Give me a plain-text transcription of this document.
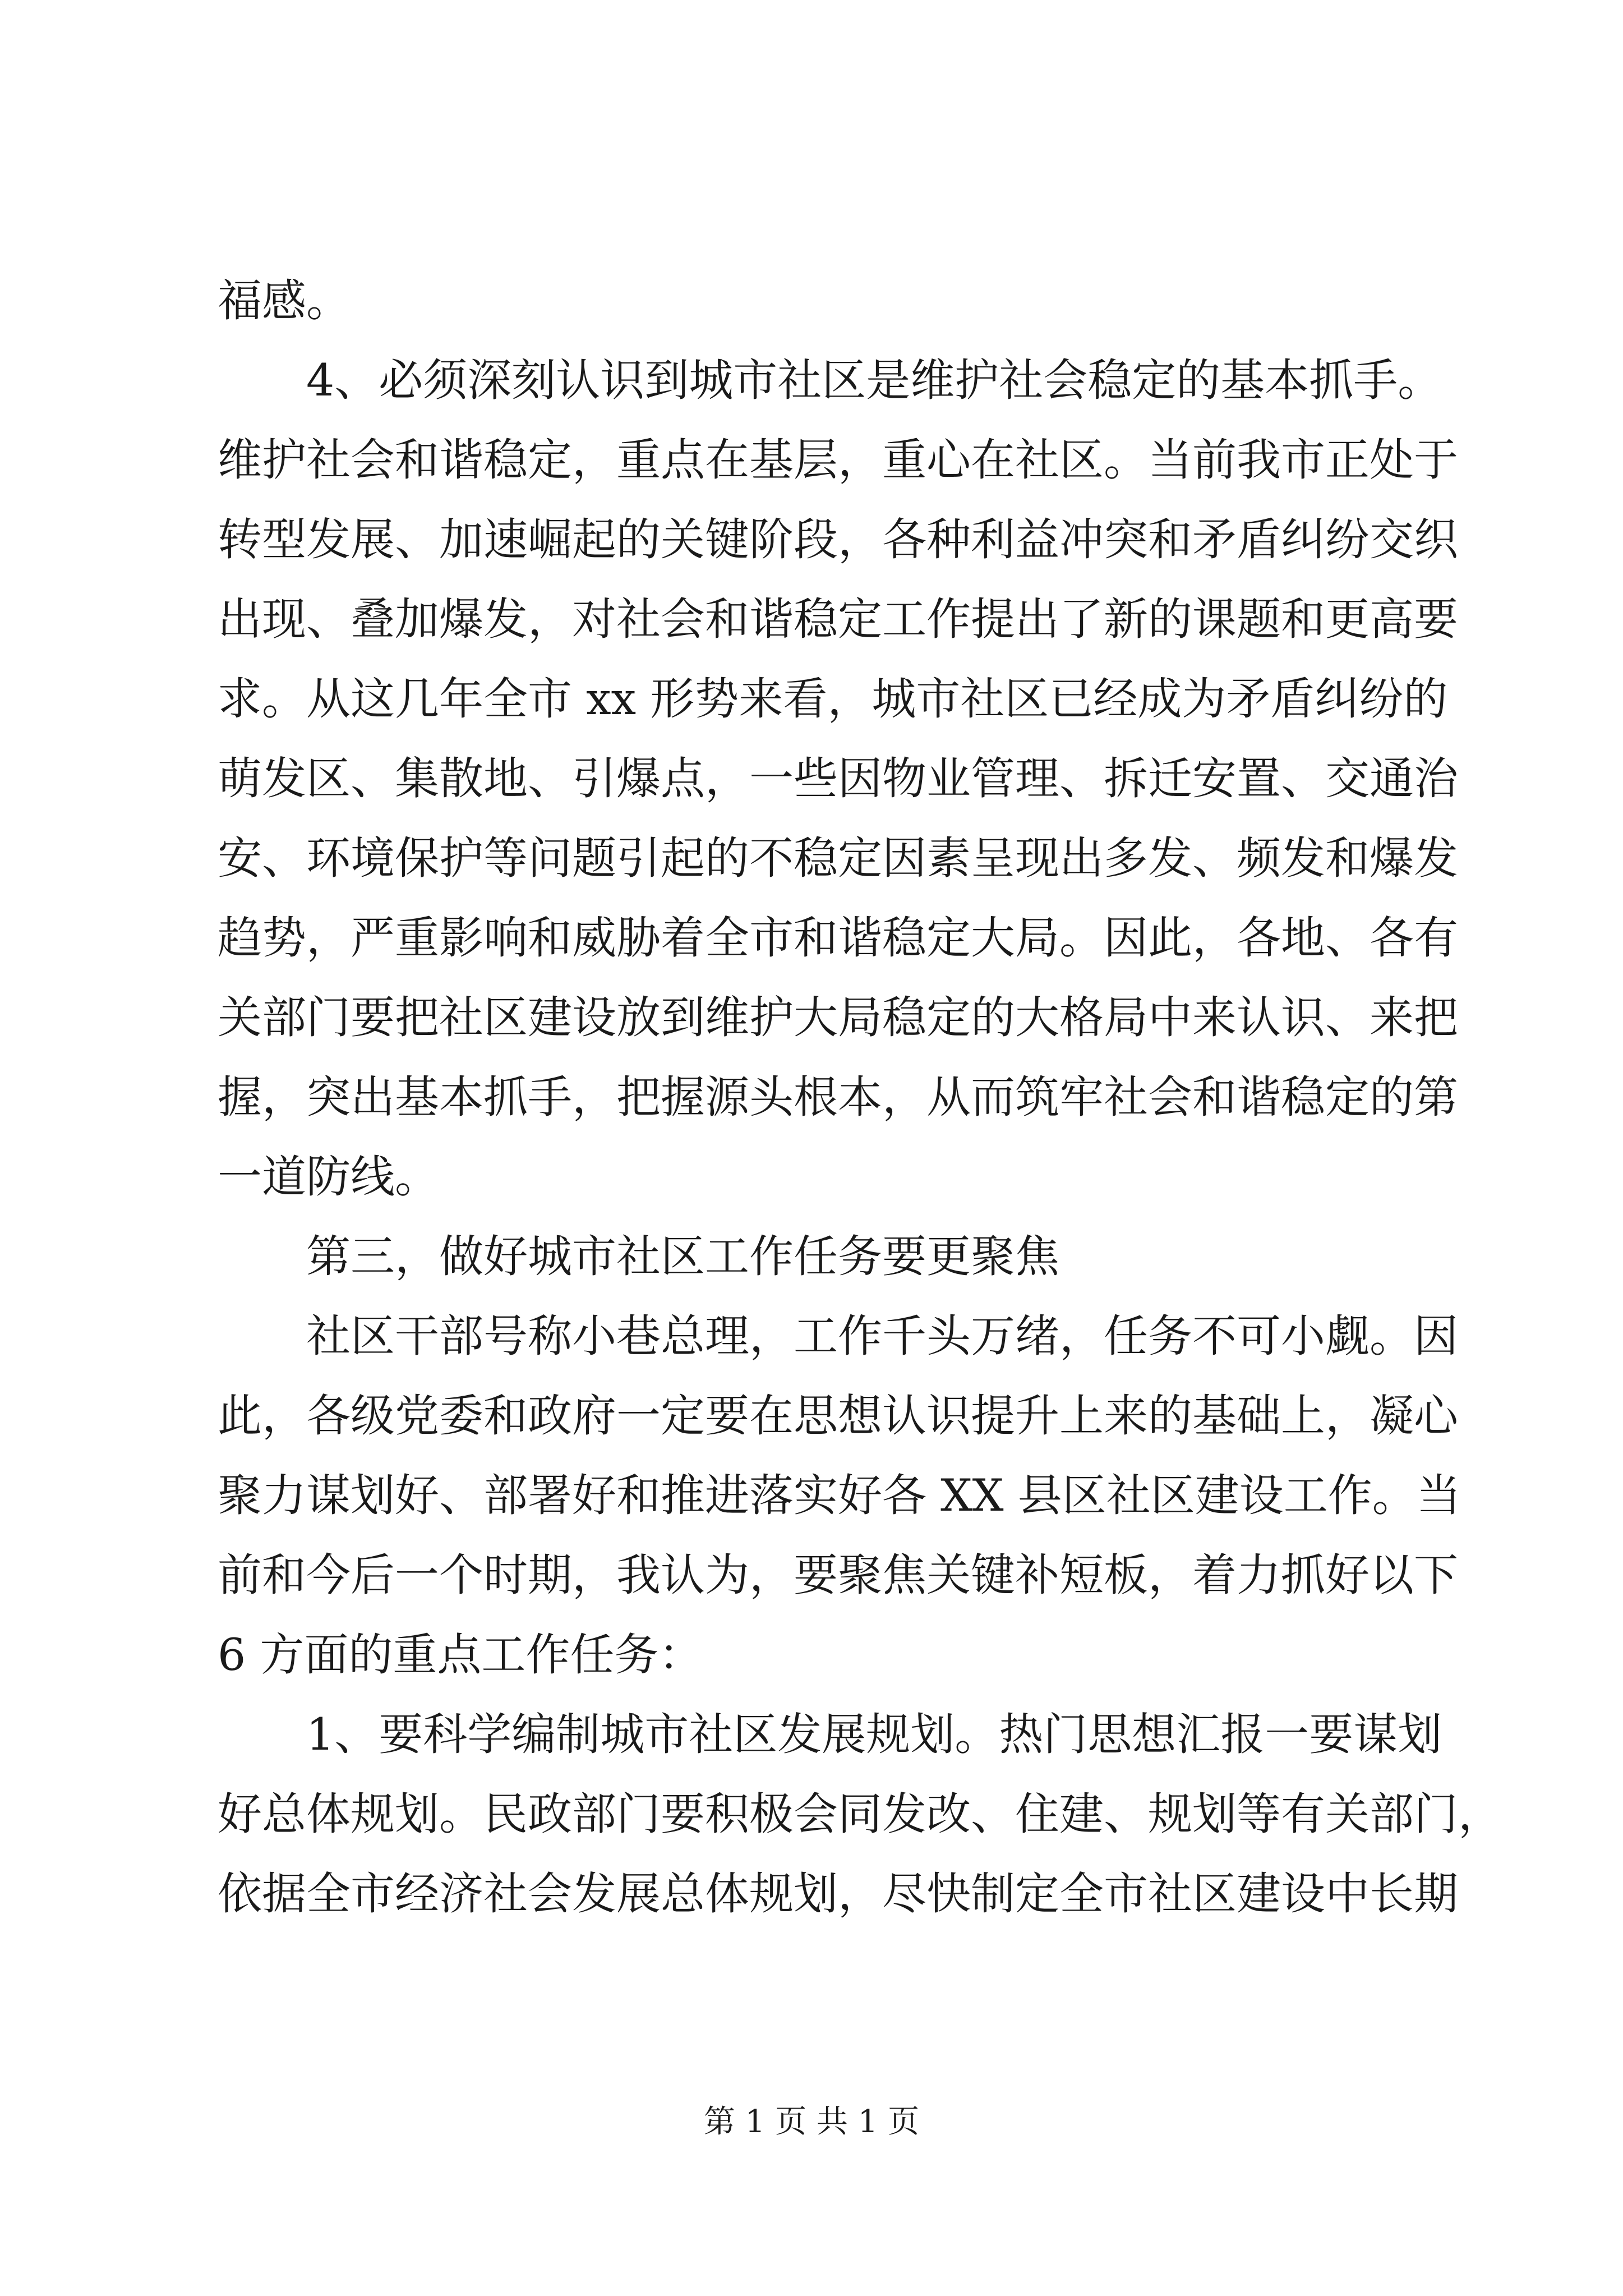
福感。
4、必须深刻认识到城市社区是维护社会稳定的基本抓手。
维护社会和谐稳定，重点在基层，重心在社区。当前我市正处于
转型发展、加速崛起的关键阶段，各种利益冲突和矛盾纠纷交织
出现、叠加爆发，对社会和谐稳定工作提出了新的课题和更高要
求。从这几年全市 xx 形势来看，城市社区已经成为矛盾纠纷的
萌发区、集散地、引爆点，一些因物业管理、拆迁安置、交通治
安、环境保护等问题引起的不稳定因素呈现出多发、频发和爆发
趋势，严重影响和威胁着全市和谐稳定大局。因此，各地、各有
关部门要把社区建设放到维护大局稳定的大格局中来认识、来把
握，突出基本抓手，把握源头根本，从而筑牢社会和谐稳定的第
一道防线。
第三，做好城市社区工作任务要更聚焦
社区干部号称小巷总理，工作千头万绪，任务不可小觑。因
此，各级党委和政府一定要在思想认识提升上来的基础上，凝心
聚力谋划好、部署好和推进落实好各 XX 县区社区建设工作。当
前和今后一个时期，我认为，要聚焦关键补短板，着力抓好以下
6 方面的重点工作任务：
1、要科学编制城市社区发展规划。热门思想汇报一要谋划
好总体规划。民政部门要积极会同发改、住建、规划等有关部门，
依据全市经济社会发展总体规划，尽快制定全市社区建设中长期
第 1 页 共 1 页
